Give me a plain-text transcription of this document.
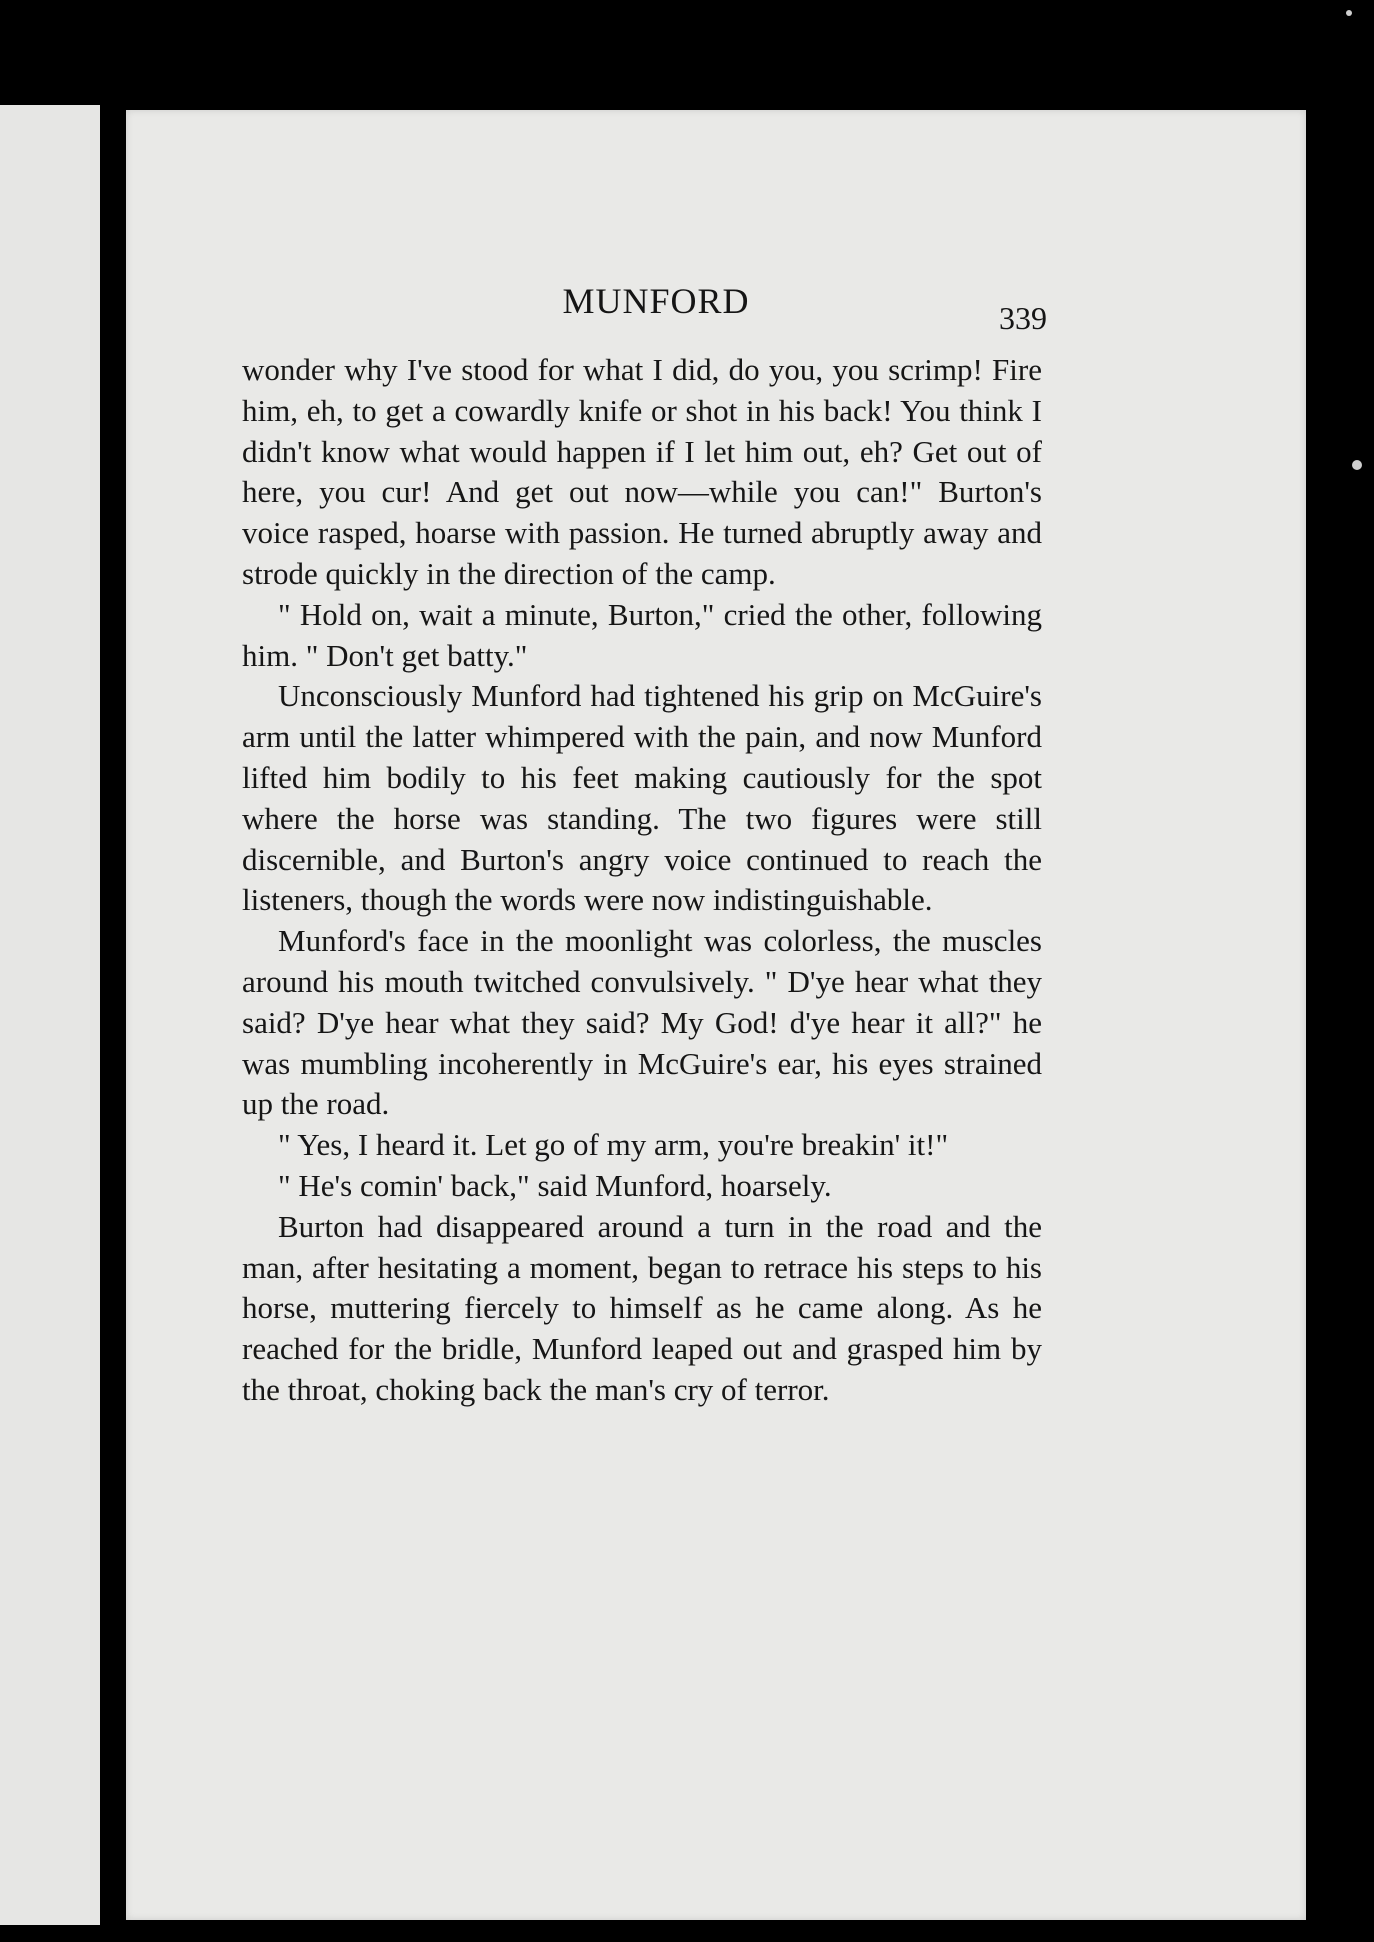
MUNFORD	339

wonder why I've stood for what I did, do you, you scrimp! Fire him, eh, to get a cowardly knife or shot in his back! You think I didn't know what would happen if I let him out, eh? Get out of here, you cur! And get out now—while you can!" Burton's voice rasped, hoarse with passion. He turned abruptly away and strode quickly in the direction of the camp.

" Hold on, wait a minute, Burton," cried the other, following him. " Don't get batty."

Unconsciously Munford had tightened his grip on McGuire's arm until the latter whimpered with the pain, and now Munford lifted him bodily to his feet making cautiously for the spot where the horse was standing. The two figures were still discernible, and Burton's angry voice continued to reach the listeners, though the words were now indistinguishable.

Munford's face in the moonlight was colorless, the muscles around his mouth twitched convulsively. " D'ye hear what they said? D'ye hear what they said? My God! d'ye hear it all?" he was mumbling incoherently in McGuire's ear, his eyes strained up the road.

" Yes, I heard it. Let go of my arm, you're breakin' it!"

" He's comin' back," said Munford, hoarsely.

Burton had disappeared around a turn in the road and the man, after hesitating a moment, began to retrace his steps to his horse, muttering fiercely to himself as he came along. As he reached for the bridle, Munford leaped out and grasped him by the throat, choking back the man's cry of terror.
